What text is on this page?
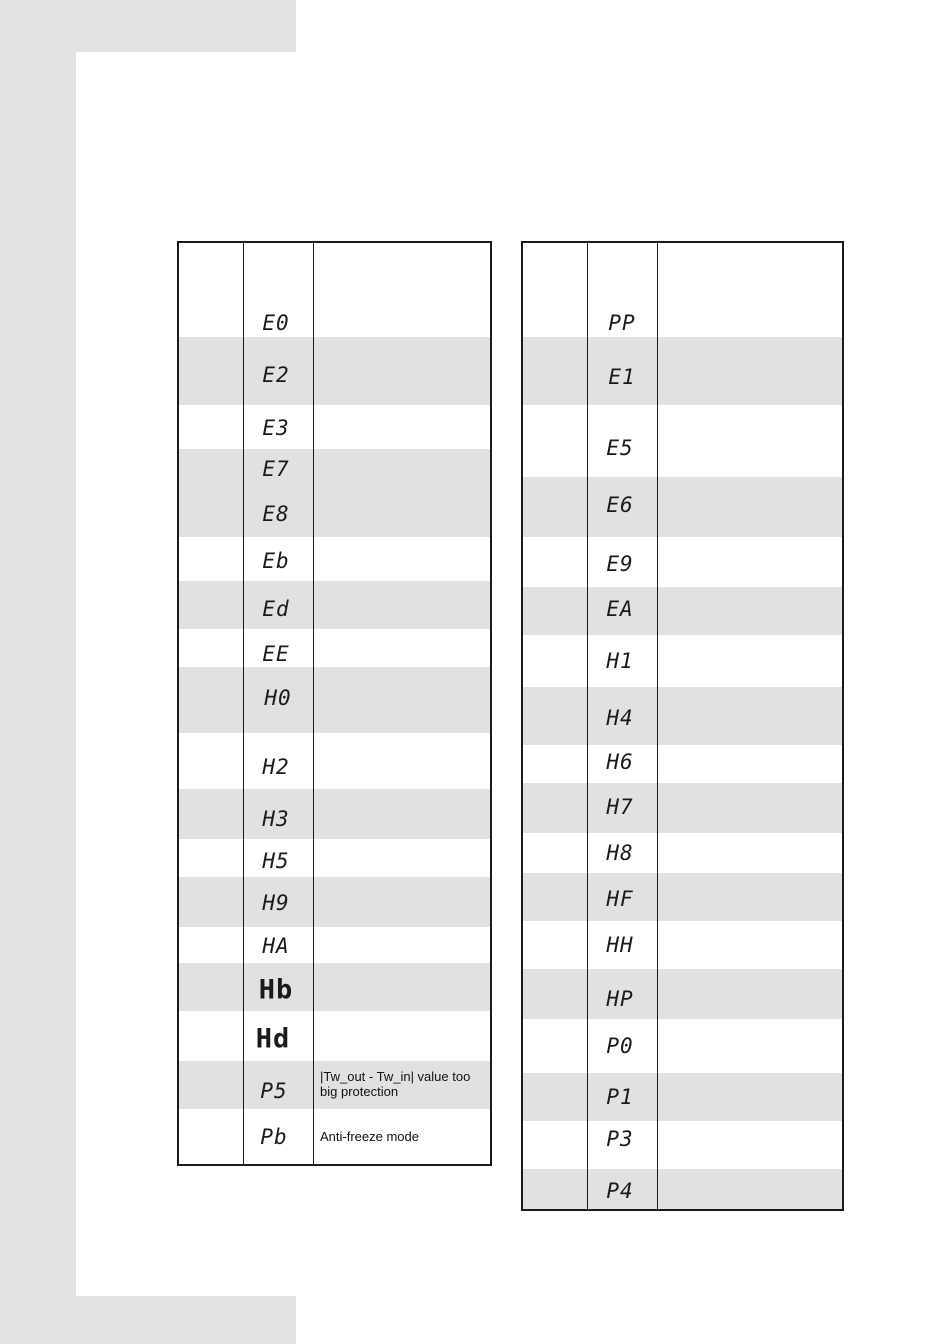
E0
E2
E3
E7
E8
Eb
Ed
EE
H0
H2
H3
H5
H9
HA
Hb
Hd
P5
Pb
|Tw_out - Tw_in| value too big protection
Anti-freeze mode
PP
E1
E5
E6
E9
EA
H1
H4
H6
H7
H8
HF
HH
HP
P0
P1
P3
P4
